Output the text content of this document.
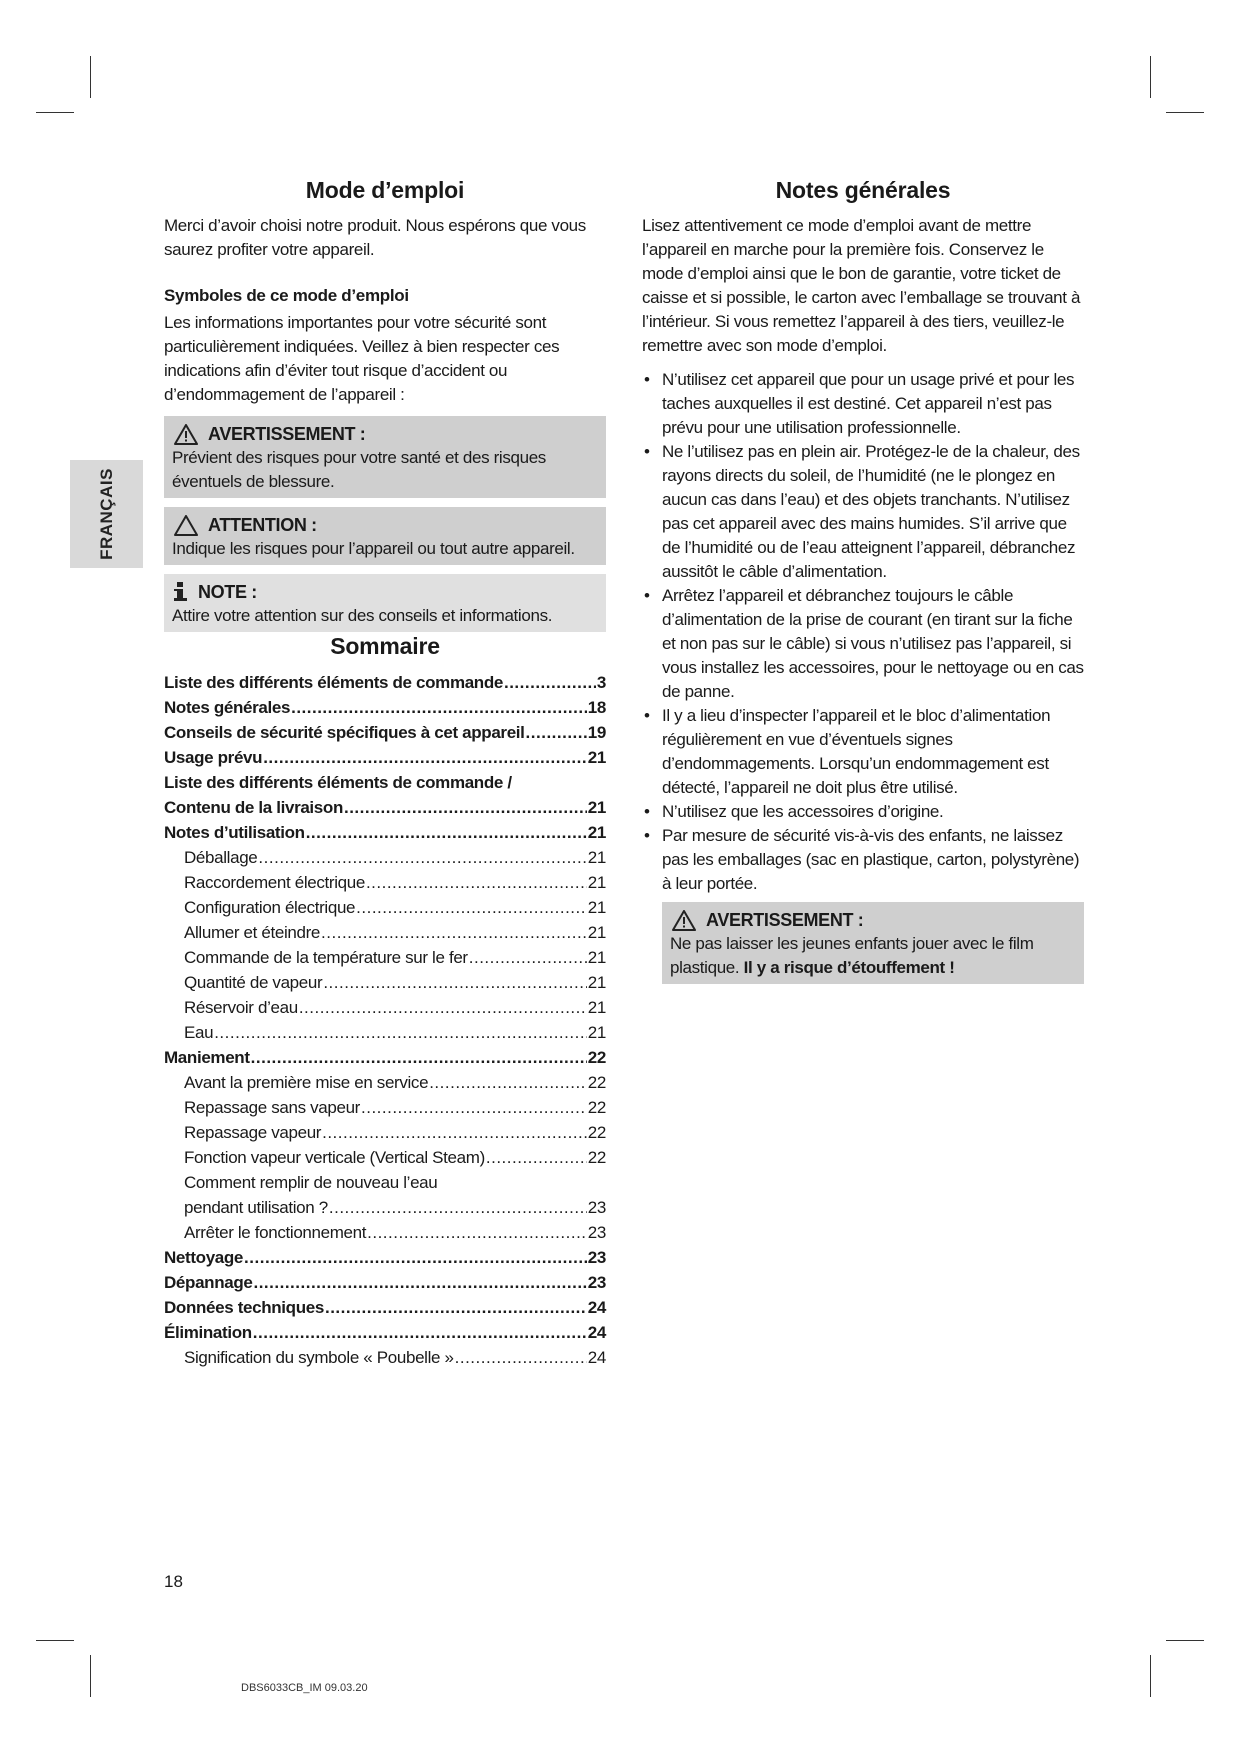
FRANÇAIS
Mode d’emploi

Merci d’avoir choisi notre produit. Nous espérons que vous saurez profiter votre appareil.

Symboles de ce mode d’emploi

Les informations importantes pour votre sécurité sont particulièrement indiquées. Veillez à bien respecter ces indications afin d’éviter tout risque d’accident ou d’endommagement de l’appareil :

AVERTISSEMENT :
Prévient des risques pour votre santé et des risques éventuels de blessure.
ATTENTION :
Indique les risques pour l’appareil ou tout autre appareil.
NOTE :
Attire votre attention sur des conseils et informations.
Sommaire
Liste des différents éléments de commande .....	3
Notes générales .....	18
Conseils de sécurité spécifiques à cet appareil .....	19
Usage prévu .....	21
Liste des différents éléments de commande /
Contenu de la livraison .....	21
Notes d’utilisation .....	21
Déballage .....	21
Raccordement électrique .....	21
Configuration électrique .....	21
Allumer et éteindre .....	21
Commande de la température sur le fer .....	21
Quantité de vapeur .....	21
Réservoir d’eau .....	21
Eau .....	21
Maniement .....	22
Avant la première mise en service .....	22
Repassage sans vapeur .....	22
Repassage vapeur .....	22
Fonction vapeur verticale (Vertical Steam) .....	22
Comment remplir de nouveau l’eau
pendant utilisation ? .....	23
Arrêter le fonctionnement .....	23
Nettoyage .....	23
Dépannage .....	23
Données techniques .....	24
Élimination .....	24
Signification du symbole « Poubelle » .....	24
Notes générales

Lisez attentivement ce mode d’emploi avant de mettre l’appareil en marche pour la première fois. Conservez le mode d’emploi ainsi que le bon de garantie, votre ticket de caisse et si possible, le carton avec l’emballage se trouvant à l’intérieur. Si vous remettez l’appareil à des tiers, veuillez-le remettre avec son mode d’emploi.

• N’utilisez cet appareil que pour un usage privé et pour les taches auxquelles il est destiné. Cet appareil n’est pas prévu pour une utilisation professionnelle.
• Ne l’utilisez pas en plein air. Protégez-le de la chaleur, des rayons directs du soleil, de l’humidité (ne le plongez en aucun cas dans l’eau) et des objets tranchants. N’utilisez pas cet appareil avec des mains humides. S’il arrive que de l’humidité ou de l’eau atteignent l’appareil, débranchez aussitôt le câble d’alimentation.
• Arrêtez l’appareil et débranchez toujours le câble d’alimentation de la prise de courant (en tirant sur la fiche et non pas sur le câble) si vous n’utilisez pas l’appareil, si vous installez les accessoires, pour le nettoyage ou en cas de panne.
• Il y a lieu d’inspecter l’appareil et le bloc d’alimentation régulièrement en vue d’éventuels signes d’endommagements. Lorsqu’un endommagement est détecté, l’appareil ne doit plus être utilisé.
• N’utilisez que les accessoires d’origine.
• Par mesure de sécurité vis-à-vis des enfants, ne laissez pas les emballages (sac en plastique, carton, polystyrène) à leur portée.
AVERTISSEMENT :
Ne pas laisser les jeunes enfants jouer avec le film plastique. Il y a risque d’étouffement !
18
DBS6033CB_IM 09.03.20
